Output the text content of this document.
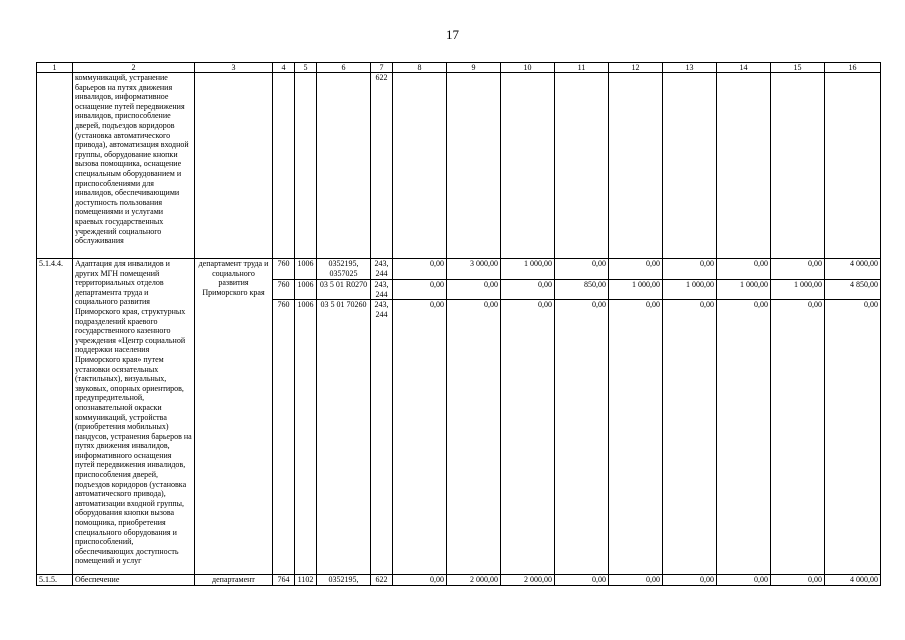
17
1	2	3	4	5	6	7	8	9	10	11	12	13	14	15	16
	коммуникаций, устранение барьеров на путях движения инвалидов, информативное оснащение путей передвижения инвалидов, приспособление дверей, подъездов коридоров (установка автоматического привода), автоматизация входной группы, оборудование кнопки вызова помощника, оснащение специальным оборудованием и приспособлениями для инвалидов, обеспечивающими доступность пользования помещениями и услугами краевых государственных учреждений социального обслуживания					622									
5.1.4.4.	Адаптация для инвалидов и других МГН помещений территориальных отделов департамента труда и социального развития Приморского края, структурных подразделений краевого государственного казенного учреждения «Центр социальной поддержки населения Приморского края» путем установки осязательных (тактильных), визуальных, звуковых, опорных ориентиров, предупредительной, опознавательной окраски коммуникаций, устройства (приобретения мобильных) пандусов, устранения барьеров на путях движения инвалидов, информативного оснащения путей передвижения инвалидов, приспособления дверей, подъездов коридоров (установка автоматического привода), автоматизации входной группы, оборудования кнопки вызова помощника, приобретения специального оборудования и приспособлений, обеспечивающих доступность помещений и услуг	департамент труда и социального развития Приморского края	760	1006	0352195, 0357025	243, 244	0,00	3 000,00	1 000,00	0,00	0,00	0,00	0,00	0,00	4 000,00
			760	1006	03 5 01 R0270	243, 244	0,00	0,00	0,00	850,00	1 000,00	1 000,00	1 000,00	1 000,00	4 850,00
			760	1006	03 5 01 70260	243, 244	0,00	0,00	0,00	0,00	0,00	0,00	0,00	0,00	0,00
5.1.5.	Обеспечение	департамент	764	1102	0352195,	622	0,00	2 000,00	2 000,00	0,00	0,00	0,00	0,00	0,00	4 000,00
